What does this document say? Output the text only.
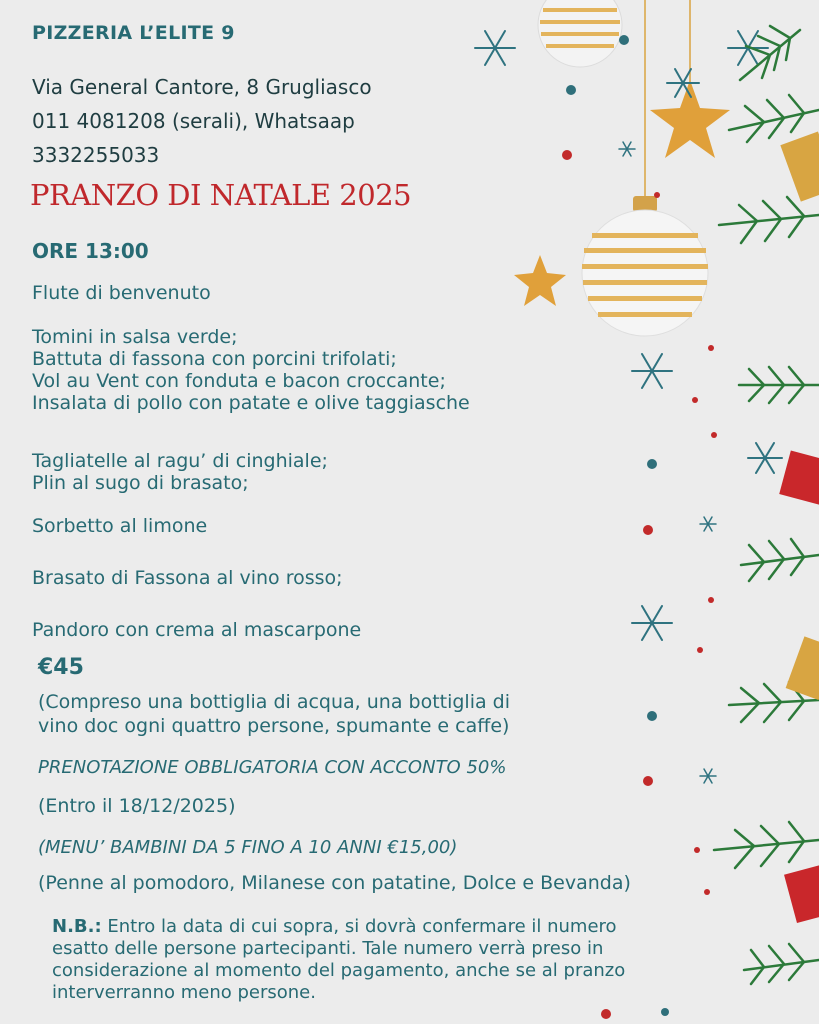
PIZZERIA L’ELITE 9
Via General Cantore, 8 Grugliasco
011 4081208 (serali), Whatsaap
3332255033
PRANZO DI NATALE 2025
ORE 13:00
Flute di benvenuto
Tomini in salsa verde;
Battuta di fassona con porcini trifolati;
Vol au Vent con fonduta e bacon croccante;
Insalata di pollo con patate e olive taggiasche
Tagliatelle al ragu’ di cinghiale;
Plin al sugo di brasato;
Sorbetto al limone
Brasato di Fassona al vino rosso;
Pandoro con crema al mascarpone
€45
(Compreso una bottiglia di acqua, una bottiglia di
vino doc ogni quattro persone, spumante e caffe)
PRENOTAZIONE OBBLIGATORIA CON ACCONTO 50%
(Entro il 18/12/2025)
(MENU’ BAMBINI DA 5 FINO A 10 ANNI €15,00)
(Penne al pomodoro, Milanese con patatine, Dolce e Bevanda)
N.B.: Entro la data di cui sopra, si dovrà confermare il numero
esatto delle persone partecipanti. Tale numero verrà preso in
considerazione al momento del pagamento, anche se al pranzo
interverranno meno persone.
